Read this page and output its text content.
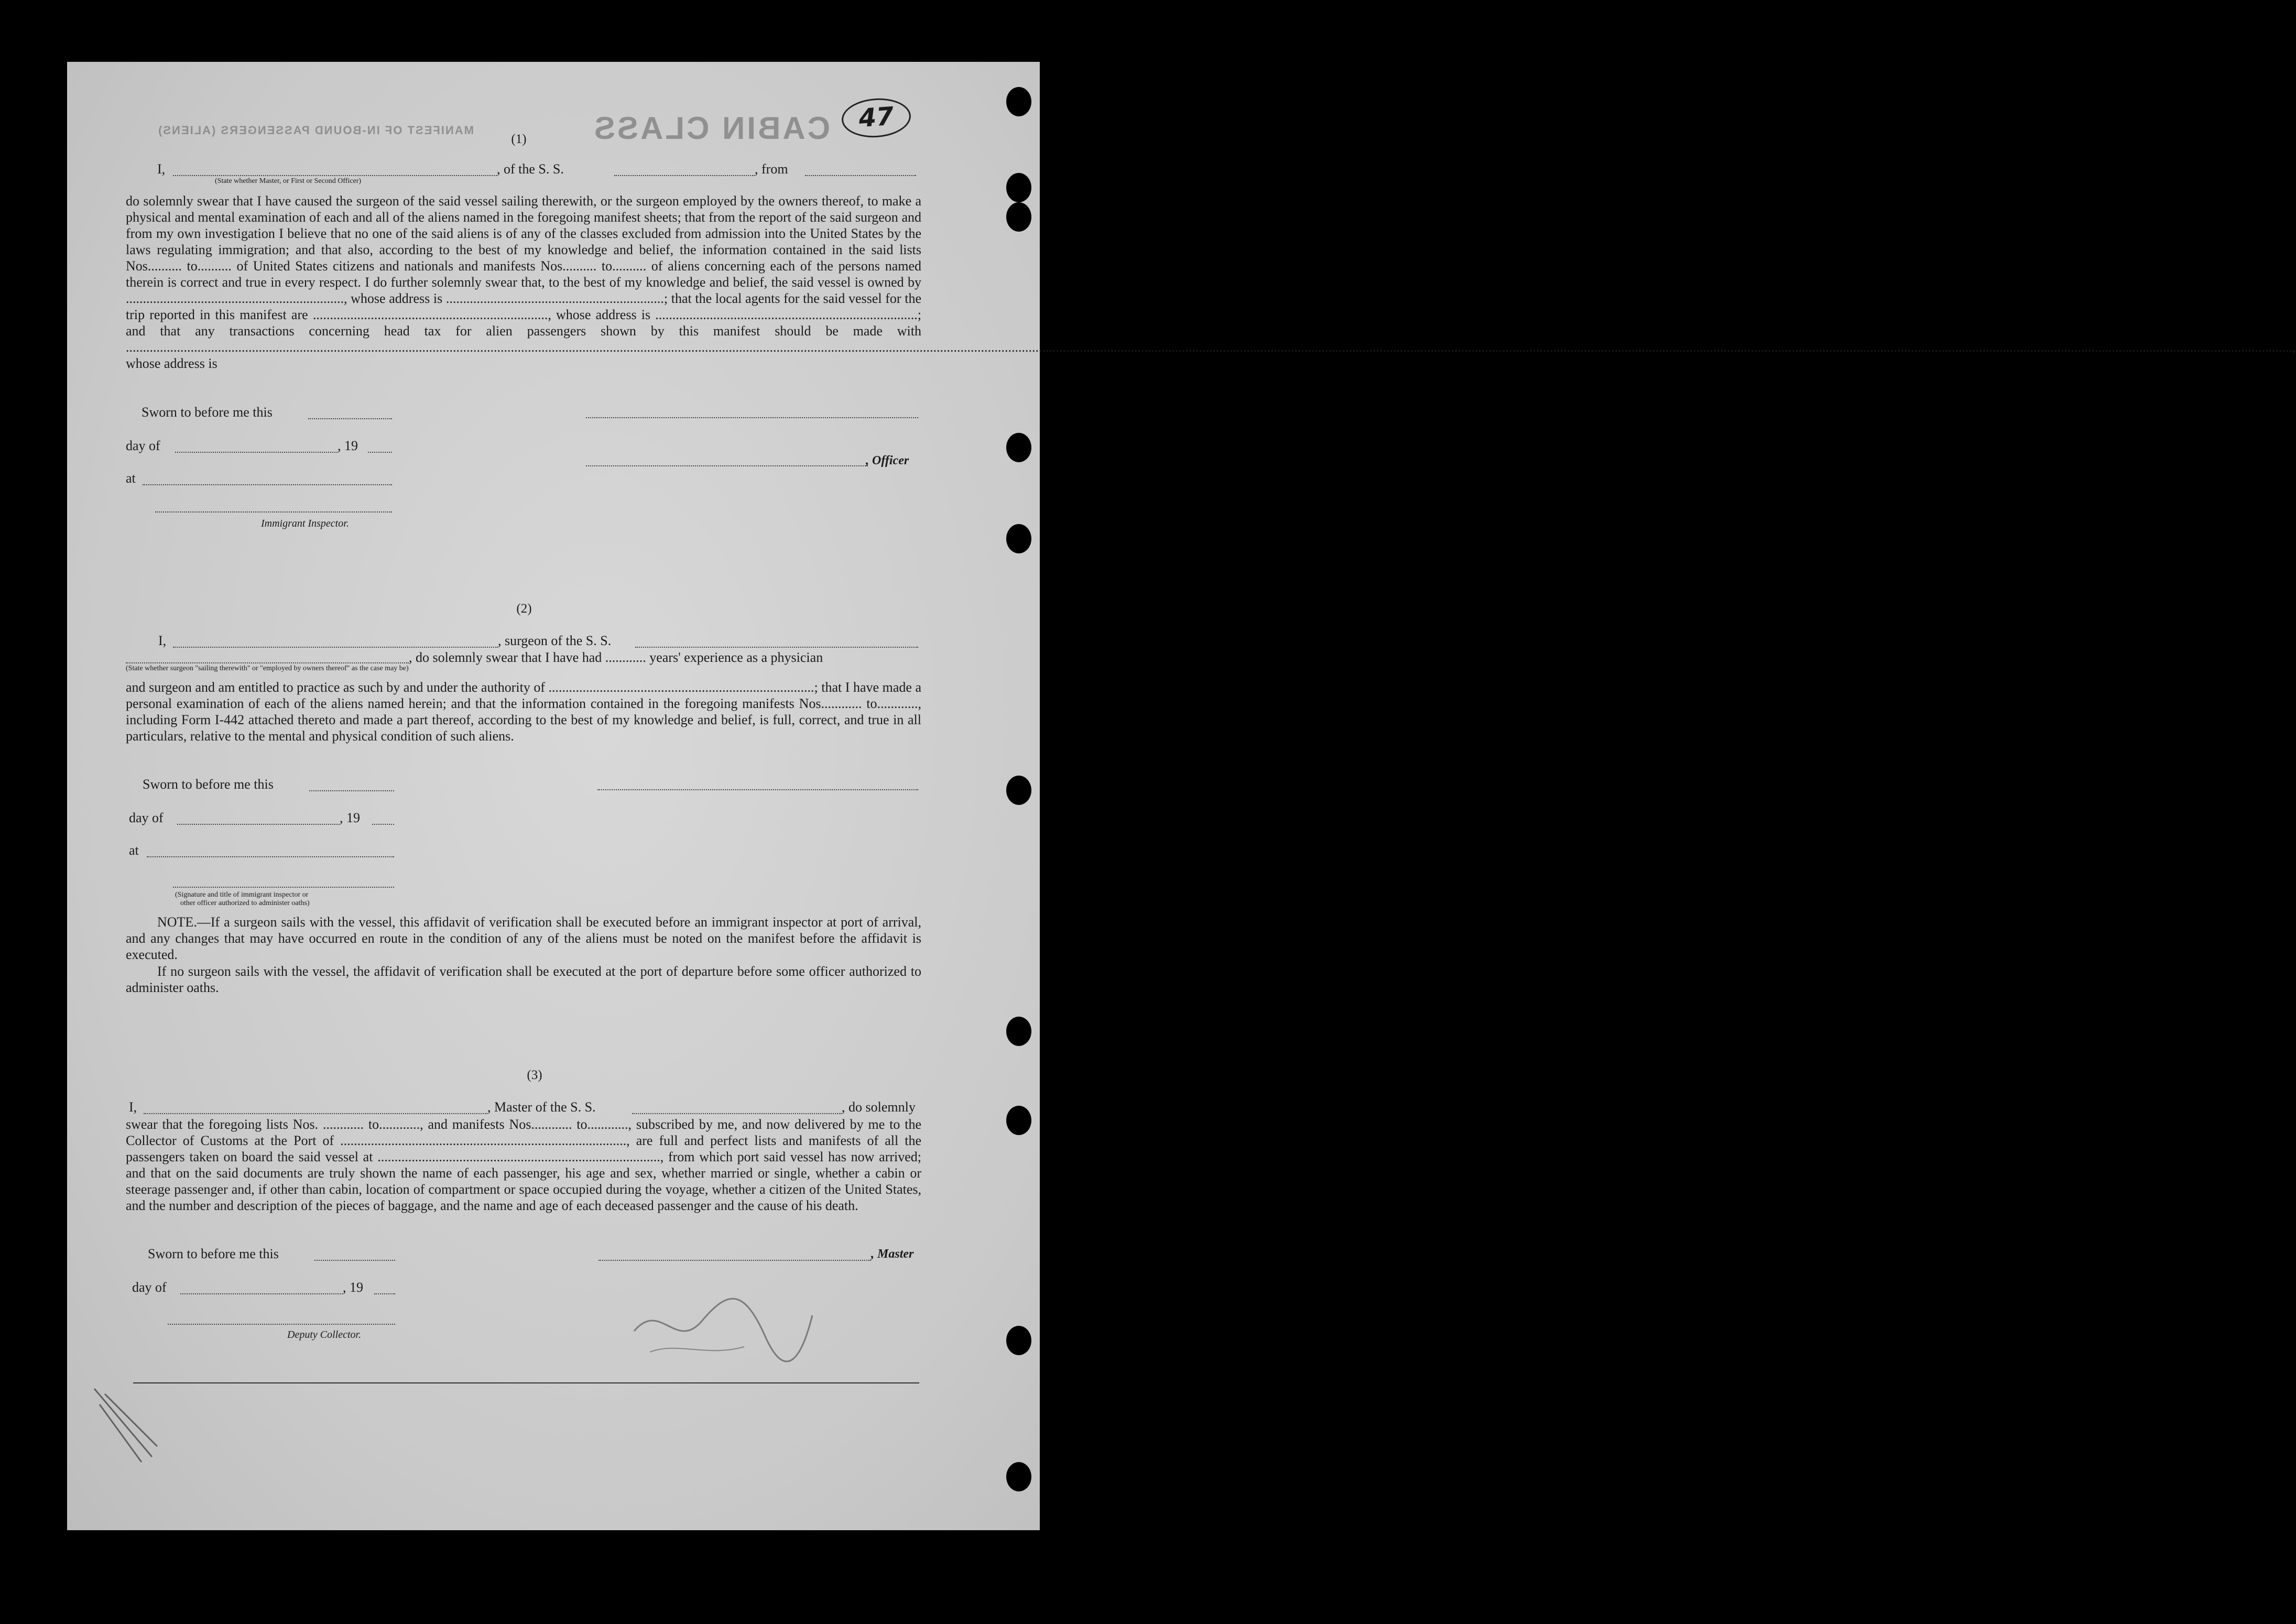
CABIN CLASS
MANIFEST OF IN-BOUND PASSENGERS (ALIENS)	47
(1)
I,	, of the S. S.	, from
(State whether Master, or First or Second Officer)
do solemnly swear that I have caused the surgeon of the said vessel sailing therewith, or the surgeon employed by the owners thereof, to make a physical and mental examination of each and all of the aliens named in the foregoing manifest sheets; that from the report of the said surgeon and from my own investigation I believe that no one of the said aliens is of any of the classes excluded from admission into the United States by the laws regulating immigration; and that also, according to the best of my knowledge and belief, the information contained in the said lists Nos.......... to.......... of United States citizens and nationals and manifests Nos.......... to.......... of aliens concerning each of the persons named therein is correct and true in every respect. I do further solemnly swear that, to the best of my knowledge and belief, the said vessel is owned by ................................................................, whose address is ................................................................; that the local agents for the said vessel for the trip reported in this manifest are ....................................................................., whose address is .............................................................................; and that any transactions concerning head tax for alien passengers shown by this manifest should be made with ............................................................................................................................................................................................................................................................................................................................................................................................................................................................................................................................................................................................................................................................, whose address is
Sworn to before me this
day of	, 19
, Officer
at
Immigrant Inspector.
(2)
I,	, surgeon of the S. S.
, do solemnly swear that I have had ............ years' experience as a physician
(State whether surgeon "sailing therewith" or "employed by owners thereof" as the case may be)
and surgeon and am entitled to practice as such by and under the authority of ..............................................................................; that I have made a personal examination of each of the aliens named herein; and that the information contained in the foregoing manifests Nos............ to............, including Form I-442 attached thereto and made a part thereof, according to the best of my knowledge and belief, is full, correct, and true in all particulars, relative to the mental and physical condition of such aliens.
Sworn to before me this
day of	, 19
at
(Signature and title of immigrant inspector or
other officer authorized to administer oaths)
NOTE.—If a surgeon sails with the vessel, this affidavit of verification shall be executed before an immigrant inspector at port of arrival, and any changes that may have occurred en route in the condition of any of the aliens must be noted on the manifest before the affidavit is executed.
If no surgeon sails with the vessel, the affidavit of verification shall be executed at the port of departure before some officer authorized to administer oaths.
(3)
I,	, Master of the S. S.	, do solemnly
swear that the foregoing lists Nos. ............ to............, and manifests Nos............ to............, subscribed by me, and now delivered by me to the Collector of Customs at the Port of ...................................................................................., are full and perfect lists and manifests of all the passengers taken on board the said vessel at ..................................................................................., from which port said vessel has now arrived; and that on the said documents are truly shown the name of each passenger, his age and sex, whether married or single, whether a cabin or steerage passenger and, if other than cabin, location of compartment or space occupied during the voyage, whether a citizen of the United States, and the number and description of the pieces of baggage, and the name and age of each deceased passenger and the cause of his death.
Sworn to before me this	, Master
day of	, 19
Deputy Collector.
